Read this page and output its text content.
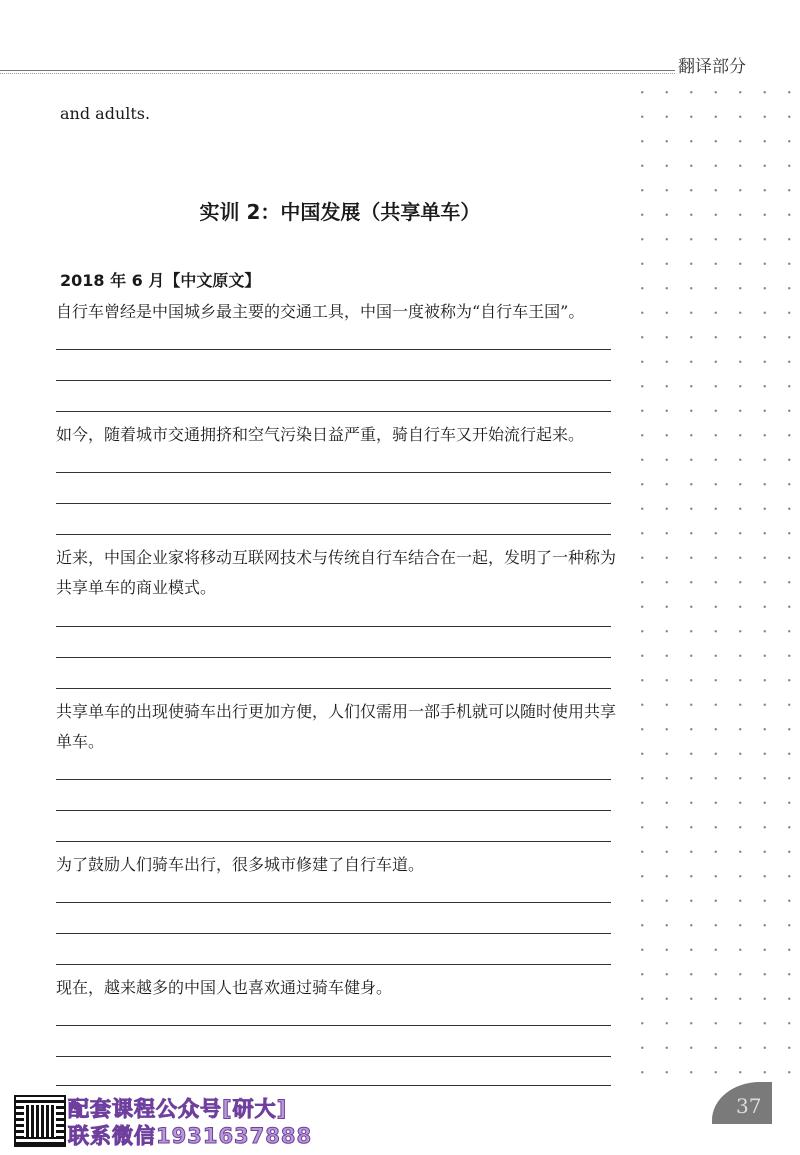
翻译部分
and adults.
实训 2：中国发展（共享单车）
2018 年 6 月【中文原文】
自行车曾经是中国城乡最主要的交通工具，中国一度被称为“自行车王国”。
如今，随着城市交通拥挤和空气污染日益严重，骑自行车又开始流行起来。
近来，中国企业家将移动互联网技术与传统自行车结合在一起，发明了一种称为共享单车的商业模式。
共享单车的出现使骑车出行更加方便，人们仅需用一部手机就可以随时使用共享单车。
为了鼓励人们骑车出行，很多城市修建了自行车道。
现在，越来越多的中国人也喜欢通过骑车健身。
配套课程公众号[研大]
联系微信1931637888
37
